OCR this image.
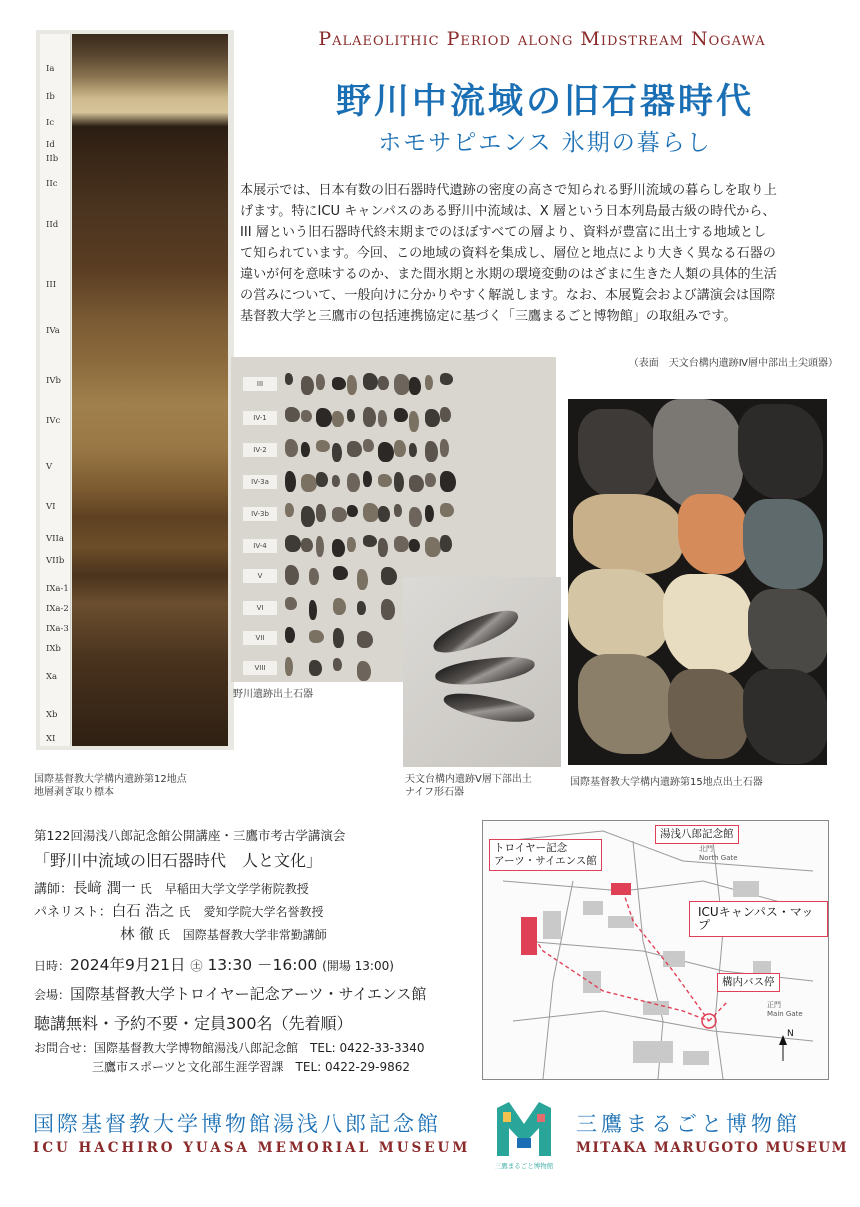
Palaeolithic Period along Midstream Nogawa
野川中流域の旧石器時代
ホモサピエンス 氷期の暮らし
本展示では、日本有数の旧石器時代遺跡の密度の高さで知られる野川流域の暮らしを取り上
げます。特にICU キャンパスのある野川中流域は、X 層という日本列島最古級の時代から、
III 層という旧石器時代終末期までのほぼすべての層より、資料が豊富に出土する地域とし
て知られています。今回、この地域の資料を集成し、層位と地点により大きく異なる石器の
違いが何を意味するのか、また間氷期と氷期の環境変動のはざまに生きた人類の具体的生活
の営みについて、一般向けに分かりやすく解説します。なお、本展覧会および講演会は国際
基督教大学と三鷹市の包括連携協定に基づく「三鷹まるごと博物館」の取組みです。
（表面　天文台構内遺跡Ⅳ層中部出土尖頭器）
Ia
Ib
Ic
Id
IIb
IIc
IId
III
IVa
IVb
IVc
V
VI
VIIa
VIIb
IXa-1
IXa-2
IXa-3
IXb
Xa
Xb
XI
国際基督教大学構内遺跡第12地点
地層剥ぎ取り標本
III
IV-1
IV-2
IV-3a
IV-3b
IV-4
V
VI
VII
VIII
野川遺跡出土石器
天文台構内遺跡V層下部出土
ナイフ形石器
国際基督教大学構内遺跡第15地点出土石器
第122回湯浅八郎記念館公開講座・三鷹市考古学講演会
「野川中流域の旧石器時代　人と文化」
講師：長﨑 潤一 氏　 早稲田大学文学学術院教授
パネリスト：白石 浩之 氏　 愛知学院大学名誉教授
林 徹 氏　 国際基督教大学非常勤講師
日時：2024年9月21日 ㊏ 13:30 －16:00 (開場 13:00)
会場：国際基督教大学トロイヤー記念アーツ・サイエンス館
聴講無料・予約不要・定員300名（先着順）
お問合せ：国際基督教大学博物館湯浅八郎記念館　 TEL: 0422-33-3340
三鷹市スポーツと文化部生涯学習課　 TEL: 0422-29-9862
湯浅八郎記念館
トロイヤー記念
アーツ・サイエンス館
ICUキャンパス・マップ
構内バス停
北門
North Gate
正門
Main Gate
N
国際基督教大学博物館湯浅八郎記念館
ICU HACHIRO YUASA MEMORIAL MUSEUM
三鷹まるごと博物館
三鷹まるごと博物館
MITAKA MARUGOTO MUSEUM
